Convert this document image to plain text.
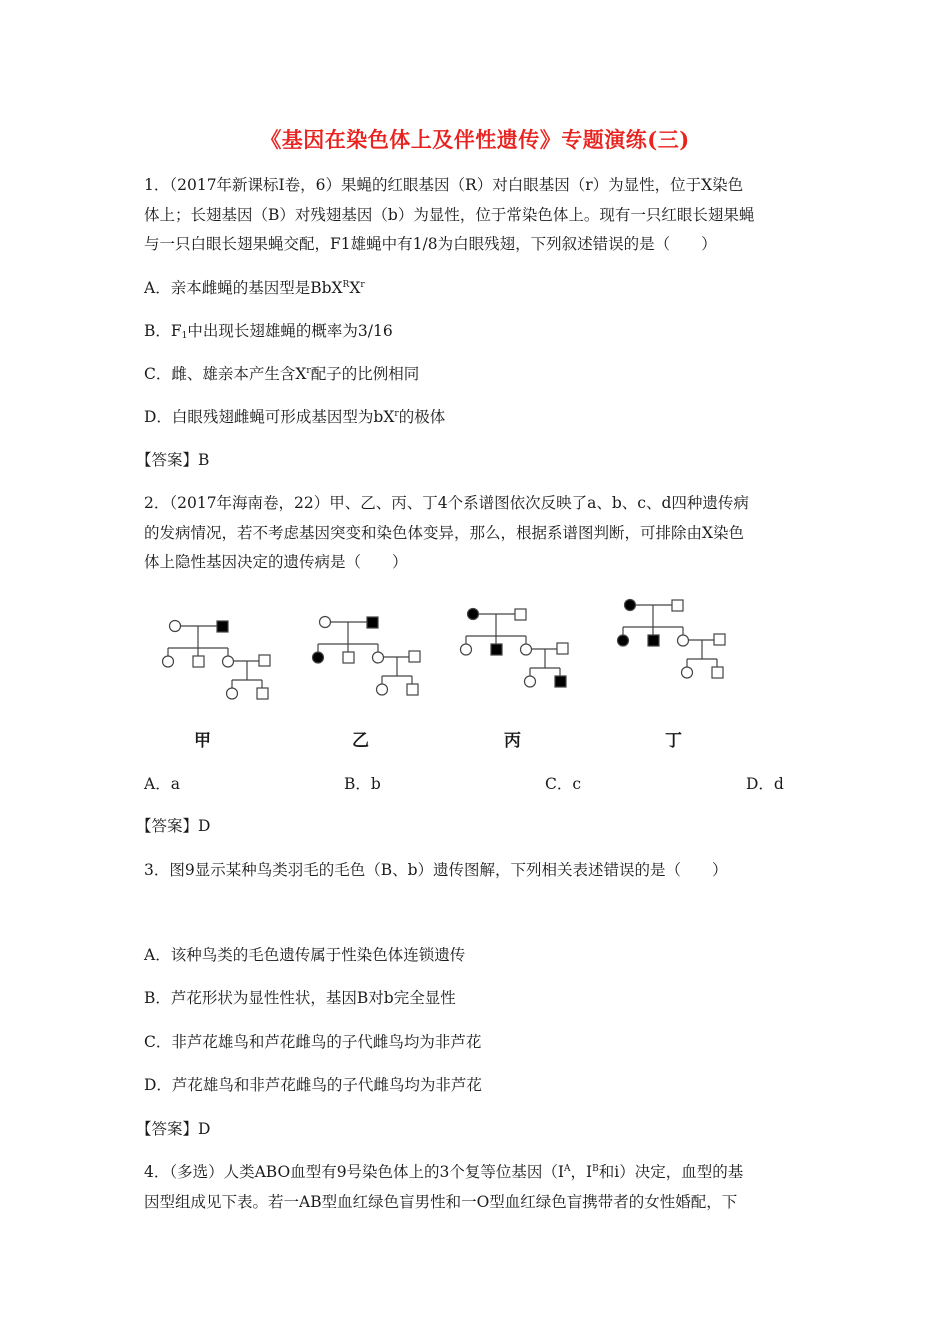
《基因在染色体上及伴性遗传》专题演练(三)
1．（2017年新课标Ⅰ卷，6）果蝇的红眼基因（R）对白眼基因（r）为显性，位于X染色
体上；长翅基因（B）对残翅基因（b）为显性，位于常染色体上。现有一只红眼长翅果蝇
与一只白眼长翅果蝇交配，F1雄蝇中有1/8为白眼残翅，下列叙述错误的是（　　）
A．亲本雌蝇的基因型是$BbX^RX^r$
B．$F_1$中出现长翅雄蝇的概率为3/16
C．雌、雄亲本产生含$X^r$配子的比例相同
D．白眼残翅雌蝇可形成基因型为$bX^r$的极体
【答案】B
2．（2017年海南卷，22）甲、乙、丙、丁4个系谱图依次反映了a、b、c、d四种遗传病
的发病情况，若不考虑基因突变和染色体变异，那么，根据系谱图判断，可排除由X染色
体上隐性基因决定的遗传病是（　　）
甲	乙	丙	丁
A．a	B．b	C．c	D．d
【答案】D
3．图9显示某种鸟类羽毛的毛色（B、b）遗传图解，下列相关表述错误的是（　　）
A．该种鸟类的毛色遗传属于性染色体连锁遗传
B．芦花形状为显性性状，基因B对b完全显性
C．非芦花雄鸟和芦花雌鸟的子代雌鸟均为非芦花
D．芦花雄鸟和非芦花雌鸟的子代雌鸟均为非芦花
【答案】D
4．（多选）人类ABO血型有9号染色体上的3个复等位基因（$I^A$，$I^B$和i）决定，血型的基
因型组成见下表。若一AB型血红绿色盲男性和一O型血红绿色盲携带者的女性婚配，下
